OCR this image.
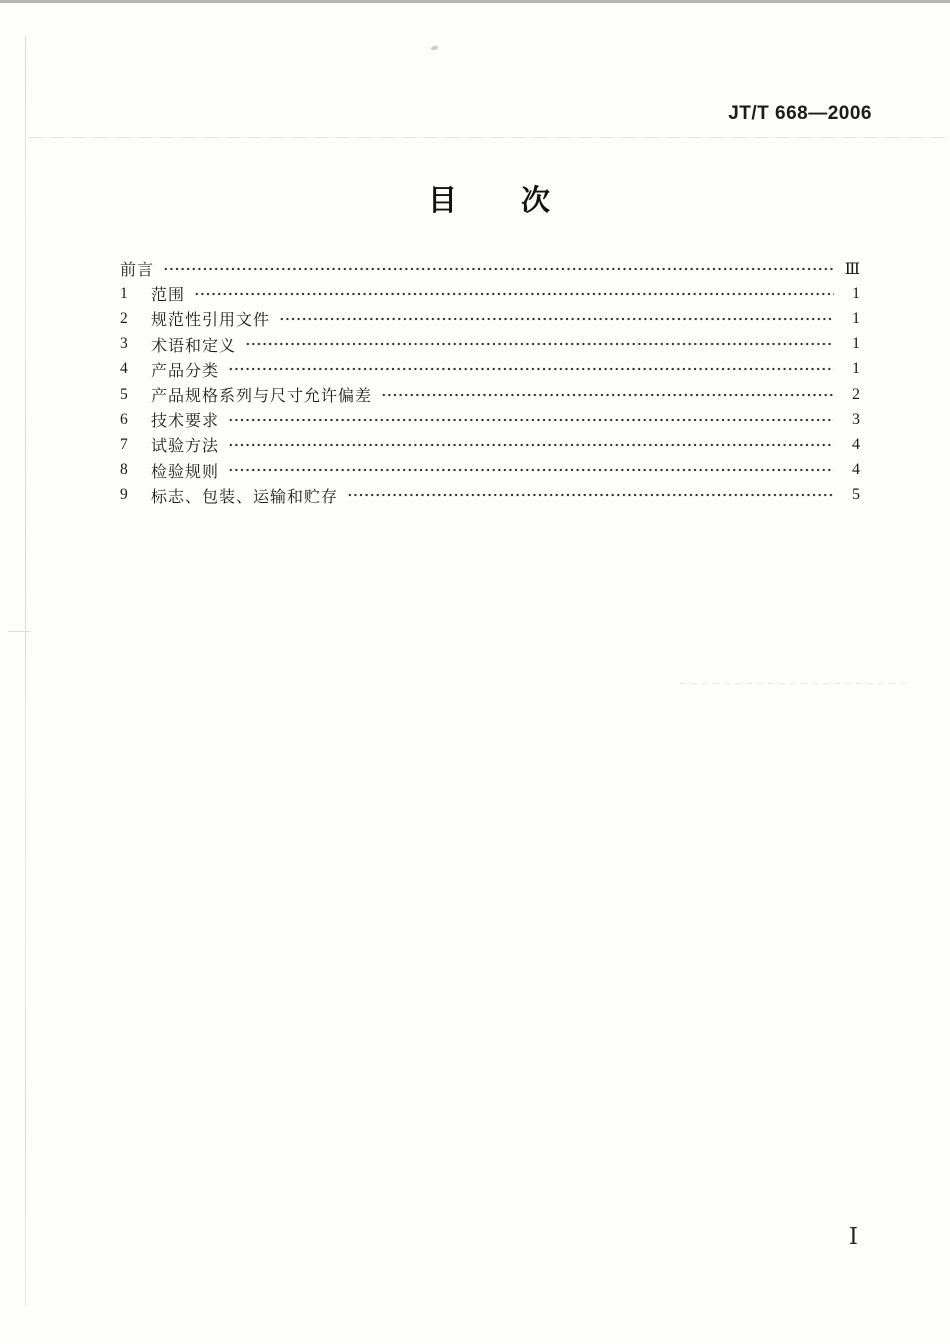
JT/T 668—2006
目　　次
前言	Ⅲ
1	范围	1
2	规范性引用文件	1
3	术语和定义	1
4	产品分类	1
5	产品规格系列与尺寸允许偏差	2
6	技术要求	3
7	试验方法	4
8	检验规则	4
9	标志、包装、运输和贮存	5
Ⅰ
